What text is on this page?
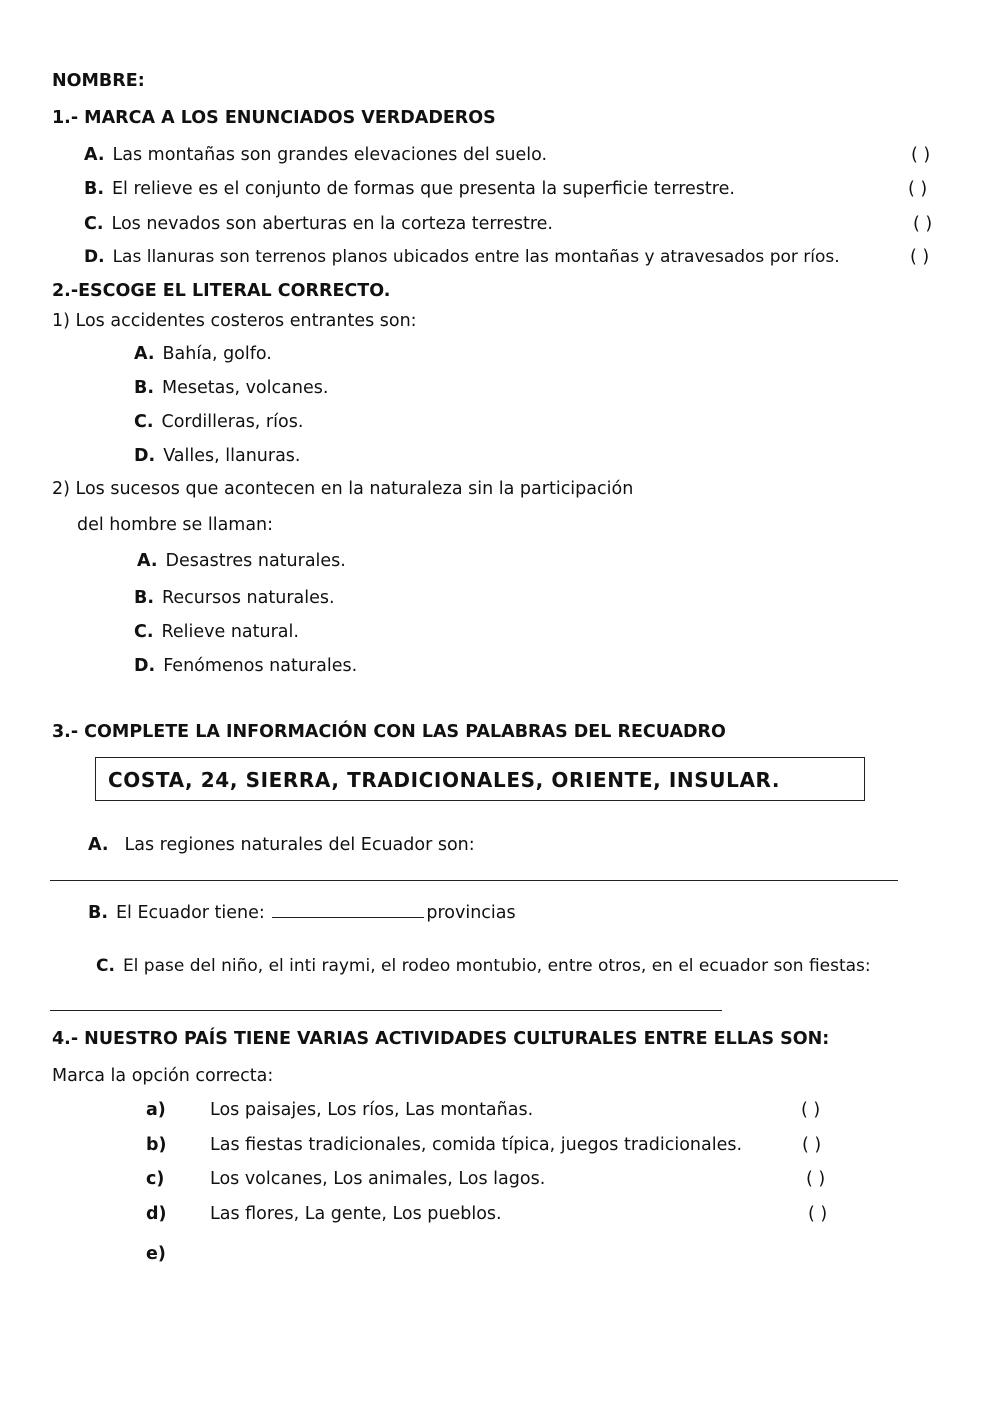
NOMBRE:
1.- MARCA A LOS ENUNCIADOS VERDADEROS
A. Las montañas son grandes elevaciones del suelo.	( )
B. El relieve es el conjunto de formas que presenta la superficie terrestre.	( )
C. Los nevados son aberturas en la corteza terrestre.	( )
D. Las llanuras son terrenos planos ubicados entre las montañas y atravesados por ríos.	( )
2.-ESCOGE EL LITERAL CORRECTO.
1) Los accidentes costeros entrantes son:
A. Bahía, golfo.
B. Mesetas, volcanes.
C. Cordilleras, ríos.
D. Valles, llanuras.
2) Los sucesos que acontecen en la naturaleza sin la participación
del hombre se llaman:
A. Desastres naturales.
B. Recursos naturales.
C. Relieve natural.
D. Fenómenos naturales.
3.- COMPLETE LA INFORMACIÓN CON LAS PALABRAS DEL RECUADRO
COSTA, 24, SIERRA, TRADICIONALES, ORIENTE, INSULAR.
A. Las regiones naturales del Ecuador son:
B. El Ecuador tiene:	provincias
C. El pase del niño, el inti raymi, el rodeo montubio, entre otros, en el ecuador son fiestas:
4.- NUESTRO PAÍS TIENE VARIAS ACTIVIDADES CULTURALES ENTRE ELLAS SON:
Marca la opción correcta:
a)	Los paisajes, Los ríos, Las montañas.	( )
b) Las fiestas tradicionales, comida típica, juegos tradicionales.	( )
c)	Los volcanes, Los animales, Los lagos.	( )
d) Las flores, La gente, Los pueblos.	( )
e)
